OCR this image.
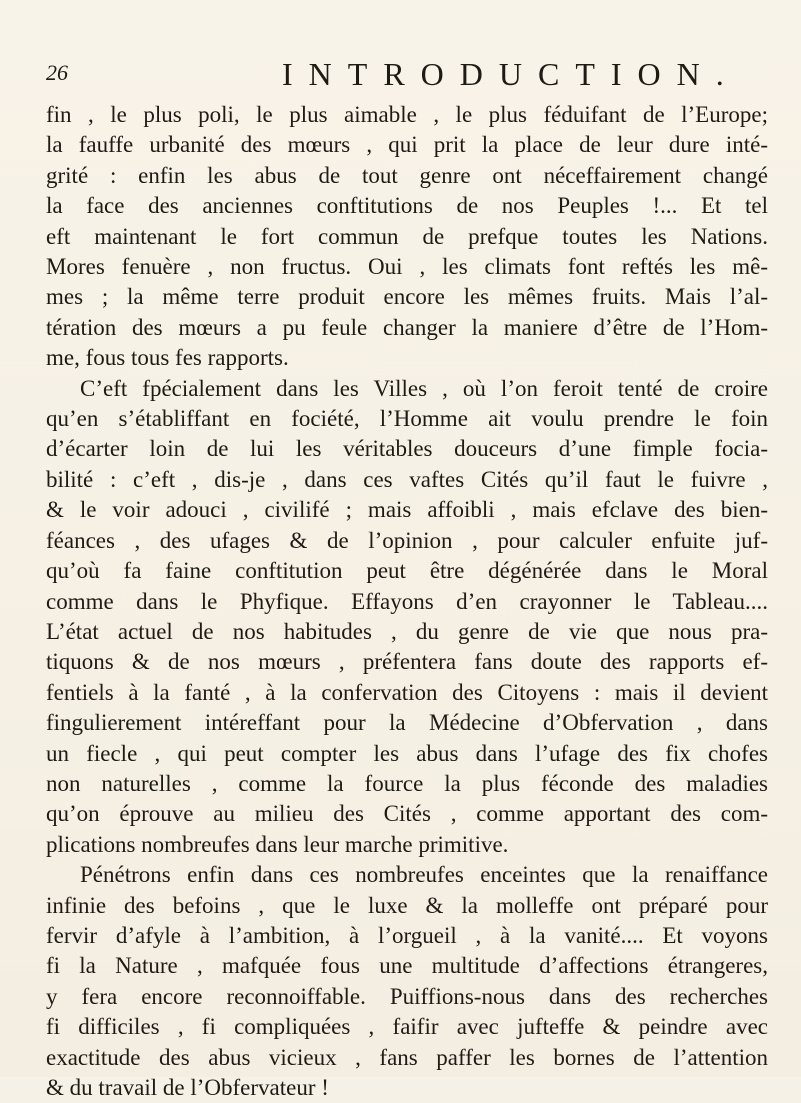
26	INTRODUCTION.
fin , le plus poli, le plus aimable , le plus féduifant de l’Europe;
la fauffe urbanité des mœurs , qui prit la place de leur dure inté-
grité : enfin les abus de tout genre ont néceffairement changé
la face des anciennes conftitutions de nos Peuples !... Et tel
eft maintenant le fort commun de prefque toutes les Nations.
Mores fenuère , non fructus. Oui , les climats font reftés les mê-
mes ; la même terre produit encore les mêmes fruits. Mais l’al-
tération des mœurs a pu feule changer la maniere d’être de l’Hom-
me, fous tous fes rapports.
C’eft fpécialement dans les Villes , où l’on feroit tenté de croire
qu’en s’établiffant en fociété, l’Homme ait voulu prendre le foin
d’écarter loin de lui les véritables douceurs d’une fimple focia-
bilité : c’eft , dis-je , dans ces vaftes Cités qu’il faut le fuivre ,
& le voir adouci , civilifé ; mais affoibli , mais efclave des bien-
féances , des ufages & de l’opinion , pour calculer enfuite juf-
qu’où fa faine conftitution peut être dégénérée dans le Moral
comme dans le Phyfique. Effayons d’en crayonner le Tableau....
L’état actuel de nos habitudes , du genre de vie que nous pra-
tiquons & de nos mœurs , préfentera fans doute des rapports ef-
fentiels à la fanté , à la confervation des Citoyens : mais il devient
fingulierement intéreffant pour la Médecine d’Obfervation , dans
un fiecle , qui peut compter les abus dans l’ufage des fix chofes
non naturelles , comme la fource la plus féconde des maladies
qu’on éprouve au milieu des Cités , comme apportant des com-
plications nombreufes dans leur marche primitive.
Pénétrons enfin dans ces nombreufes enceintes que la renaiffance
infinie des befoins , que le luxe & la molleffe ont préparé pour
fervir d’afyle à l’ambition, à l’orgueil , à la vanité.... Et voyons
fi la Nature , mafquée fous une multitude d’affections étrangeres,
y fera encore reconnoiffable. Puiffions-nous dans des recherches
fi difficiles , fi compliquées , faifir avec jufteffe & peindre avec
exactitude des abus vicieux , fans paffer les bornes de l’attention
& du travail de l’Obfervateur !
